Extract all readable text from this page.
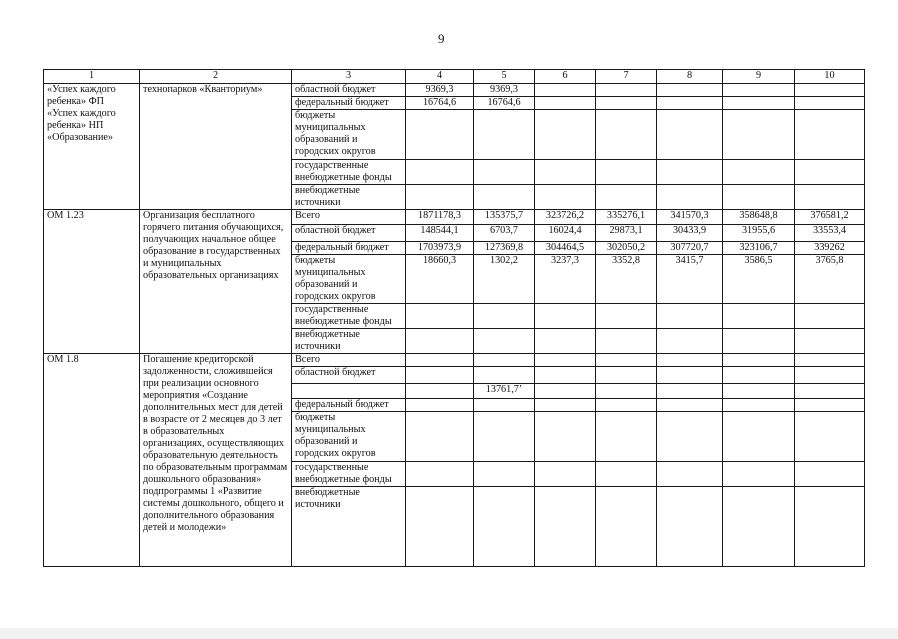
9
1	2	3	4	5	6	7	8	9	10
«Успех каждого ребенка» ФП «Успех каждого ребенка» НП «Образование»	технопарков «Кванториум»	областной бюджет	9369,3	9369,3					
		федеральный бюджет	16764,6	16764,6					
		бюджеты муниципальных образований и городских округов							
		государственные внебюджетные фонды							
		внебюджетные источники							
ОМ 1.23	Организация бесплатного горячего питания обучающихся, получающих начальное общее образование в государственных и муниципальных образовательных организациях	Всего	1871178,3	135375,7	323726,2	335276,1	341570,3	358648,8	376581,2
		областной бюджет	148544,1	6703,7	16024,4	29873,1	30433,9	31955,6	33553,4
		федеральный бюджет	1703973,9	127369,8	304464,5	302050,2	307720,7	323106,7	339262
		бюджеты муниципальных образований и городских округов	18660,3	1302,2	3237,3	3352,8	3415,7	3586,5	3765,8
		государственные внебюджетные фонды							
		внебюджетные источники							
ОМ 1.8	Погашение кредиторской задолженности, сложившейся при реализации основного мероприятия «Создание дополнительных мест для детей в возрасте от 2 месяцев до 3 лет в образовательных организациях, осуществляющих образовательную деятельность по образовательным программам дошкольного образования» подпрограммы 1 «Развитие системы дошкольного, общего и дополнительного образования детей и молодежи»	Всего							
		областной бюджет							
				13761,7ʼ					
		федеральный бюджет							
		бюджеты муниципальных образований и городских округов							
		государственные внебюджетные фонды							
		внебюджетные источники							
